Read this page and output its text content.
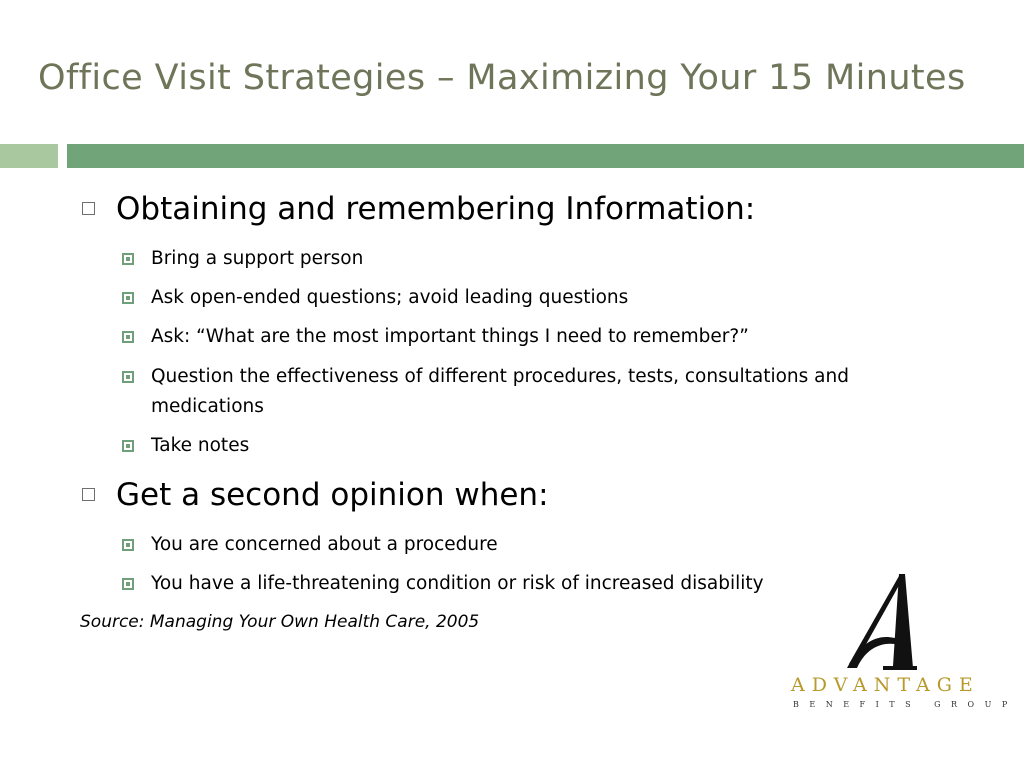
Office Visit Strategies – Maximizing Your 15 Minutes
Obtaining and remembering Information:
Bring a support person
Ask open-ended questions; avoid leading questions
Ask: “What are the most important things I need to remember?”
Question the effectiveness of different procedures, tests, consultations and medications
Take notes
Get a second opinion when:
You are concerned about a procedure
You have a life-threatening condition or risk of increased disability
Source: Managing Your Own Health Care, 2005
ADVANTAGE
BENEFITS GROUP
